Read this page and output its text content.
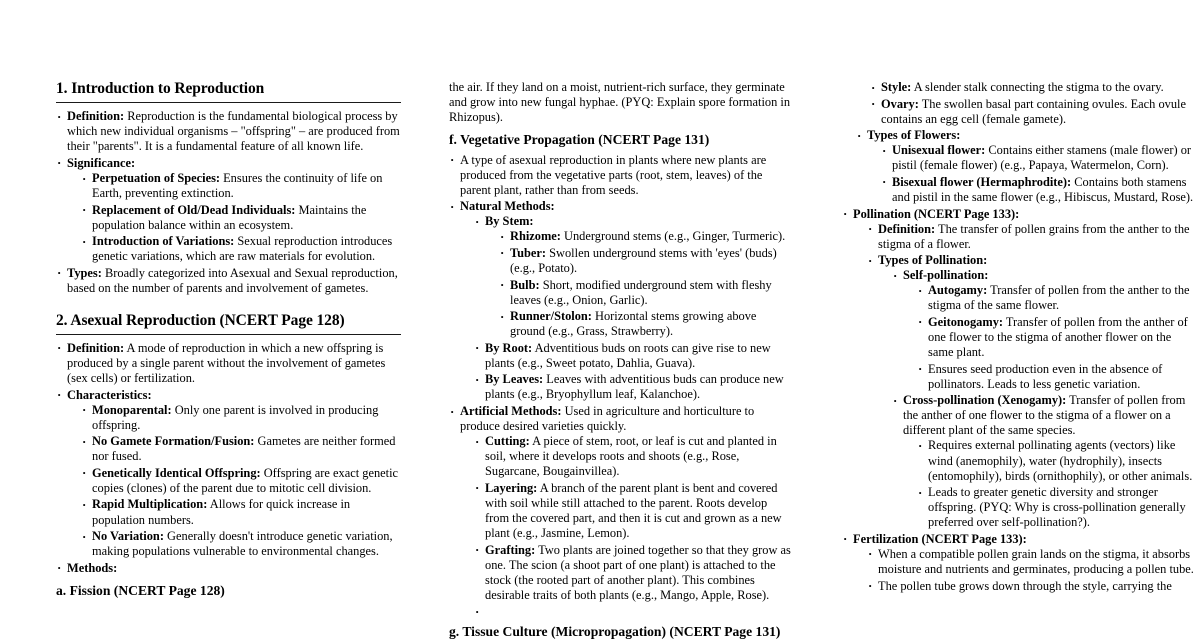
1. Introduction to Reproduction
· Definition: Reproduction is the fundamental biological process by which new individual organisms – "offspring" – are produced from their "parents". It is a fundamental feature of all known life.
· Significance:
· Perpetuation of Species: Ensures the continuity of life on Earth, preventing extinction.
· Replacement of Old/Dead Individuals: Maintains the population balance within an ecosystem.
· Introduction of Variations: Sexual reproduction introduces genetic variations, which are raw materials for evolution.
· Types: Broadly categorized into Asexual and Sexual reproduction, based on the number of parents and involvement of gametes.
2. Asexual Reproduction (NCERT Page 128)
· Definition: A mode of reproduction in which a new offspring is produced by a single parent without the involvement of gametes (sex cells) or fertilization.
· Characteristics:
· Monoparental: Only one parent is involved in producing offspring.
· No Gamete Formation/Fusion: Gametes are neither formed nor fused.
· Genetically Identical Offspring: Offspring are exact genetic copies (clones) of the parent due to mitotic cell division.
· Rapid Multiplication: Allows for quick increase in population numbers.
· No Variation: Generally doesn't introduce genetic variation, making populations vulnerable to environmental changes.
· Methods:
a. Fission (NCERT Page 128)

the air. If they land on a moist, nutrient-rich surface, they germinate and grow into new fungal hyphae. (PYQ: Explain spore formation in Rhizopus).

f. Vegetative Propagation (NCERT Page 131)
· A type of asexual reproduction in plants where new plants are produced from the vegetative parts (root, stem, leaves) of the parent plant, rather than from seeds.
· Natural Methods:
· By Stem:
· Rhizome: Underground stems (e.g., Ginger, Turmeric).
· Tuber: Swollen underground stems with 'eyes' (buds) (e.g., Potato).
· Bulb: Short, modified underground stem with fleshy leaves (e.g., Onion, Garlic).
· Runner/Stolon: Horizontal stems growing above ground (e.g., Grass, Strawberry).
· By Root: Adventitious buds on roots can give rise to new plants (e.g., Sweet potato, Dahlia, Guava).
· By Leaves: Leaves with adventitious buds can produce new plants (e.g., Bryophyllum leaf, Kalanchoe).
· Artificial Methods: Used in agriculture and horticulture to produce desired varieties quickly.
· Cutting: A piece of stem, root, or leaf is cut and planted in soil, where it develops roots and shoots (e.g., Rose, Sugarcane, Bougainvillea).
· Layering: A branch of the parent plant is bent and covered with soil while still attached to the parent. Roots develop from the covered part, and then it is cut and grown as a new plant (e.g., Jasmine, Lemon).
· Grafting: Two plants are joined together so that they grow as one. The scion (a shoot part of one plant) is attached to the stock (the rooted part of another plant). This combines desirable traits of both plants (e.g., Mango, Apple, Rose).
·
g. Tissue Culture (Micropropagation) (NCERT Page 131)
· Style: A slender stalk connecting the stigma to the ovary.
· Ovary: The swollen basal part containing ovules. Each ovule contains an egg cell (female gamete).
· Types of Flowers:
· Unisexual flower: Contains either stamens (male flower) or pistil (female flower) (e.g., Papaya, Watermelon, Corn).
· Bisexual flower (Hermaphrodite): Contains both stamens and pistil in the same flower (e.g., Hibiscus, Mustard, Rose).
· Pollination (NCERT Page 133):
· Definition: The transfer of pollen grains from the anther to the stigma of a flower.
· Types of Pollination:
· Self-pollination:
· Autogamy: Transfer of pollen from the anther to the stigma of the same flower.
· Geitonogamy: Transfer of pollen from the anther of one flower to the stigma of another flower on the same plant.
· Ensures seed production even in the absence of pollinators. Leads to less genetic variation.
· Cross-pollination (Xenogamy): Transfer of pollen from the anther of one flower to the stigma of a flower on a different plant of the same species.
· Requires external pollinating agents (vectors) like wind (anemophily), water (hydrophily), insects (entomophily), birds (ornithophily), or other animals.
· Leads to greater genetic diversity and stronger offspring. (PYQ: Why is cross-pollination generally preferred over self-pollination?).
· Fertilization (NCERT Page 133):
· When a compatible pollen grain lands on the stigma, it absorbs moisture and nutrients and germinates, producing a pollen tube.
· The pollen tube grows down through the style, carrying the
